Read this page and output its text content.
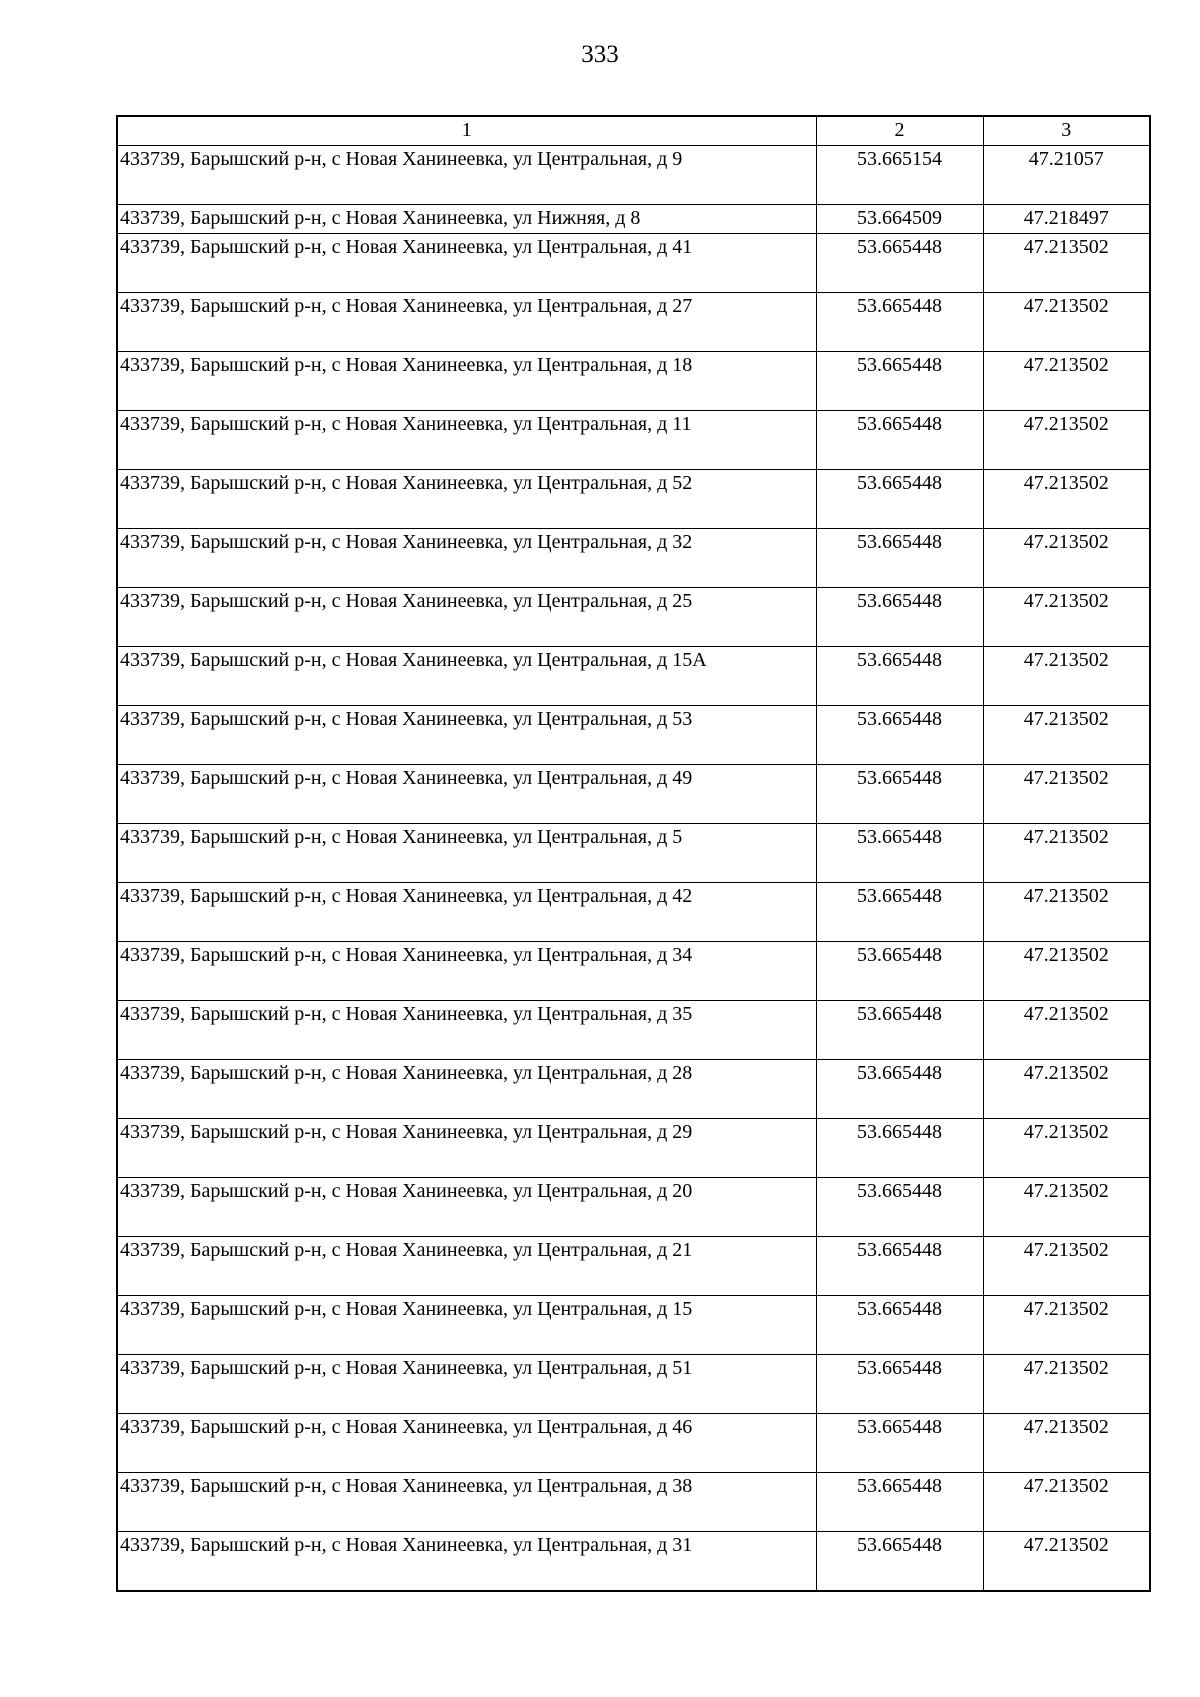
333
1	2	3
433739, Барышский р-н, с Новая Ханинеевка, ул Центральная, д 9	53.665154	47.21057
433739, Барышский р-н, с Новая Ханинеевка, ул Нижняя, д 8	53.664509	47.218497
433739, Барышский р-н, с Новая Ханинеевка, ул Центральная, д 41	53.665448	47.213502
433739, Барышский р-н, с Новая Ханинеевка, ул Центральная, д 27	53.665448	47.213502
433739, Барышский р-н, с Новая Ханинеевка, ул Центральная, д 18	53.665448	47.213502
433739, Барышский р-н, с Новая Ханинеевка, ул Центральная, д 11	53.665448	47.213502
433739, Барышский р-н, с Новая Ханинеевка, ул Центральная, д 52	53.665448	47.213502
433739, Барышский р-н, с Новая Ханинеевка, ул Центральная, д 32	53.665448	47.213502
433739, Барышский р-н, с Новая Ханинеевка, ул Центральная, д 25	53.665448	47.213502
433739, Барышский р-н, с Новая Ханинеевка, ул Центральная, д 15А	53.665448	47.213502
433739, Барышский р-н, с Новая Ханинеевка, ул Центральная, д 53	53.665448	47.213502
433739, Барышский р-н, с Новая Ханинеевка, ул Центральная, д 49	53.665448	47.213502
433739, Барышский р-н, с Новая Ханинеевка, ул Центральная, д 5	53.665448	47.213502
433739, Барышский р-н, с Новая Ханинеевка, ул Центральная, д 42	53.665448	47.213502
433739, Барышский р-н, с Новая Ханинеевка, ул Центральная, д 34	53.665448	47.213502
433739, Барышский р-н, с Новая Ханинеевка, ул Центральная, д 35	53.665448	47.213502
433739, Барышский р-н, с Новая Ханинеевка, ул Центральная, д 28	53.665448	47.213502
433739, Барышский р-н, с Новая Ханинеевка, ул Центральная, д 29	53.665448	47.213502
433739, Барышский р-н, с Новая Ханинеевка, ул Центральная, д 20	53.665448	47.213502
433739, Барышский р-н, с Новая Ханинеевка, ул Центральная, д 21	53.665448	47.213502
433739, Барышский р-н, с Новая Ханинеевка, ул Центральная, д 15	53.665448	47.213502
433739, Барышский р-н, с Новая Ханинеевка, ул Центральная, д 51	53.665448	47.213502
433739, Барышский р-н, с Новая Ханинеевка, ул Центральная, д 46	53.665448	47.213502
433739, Барышский р-н, с Новая Ханинеевка, ул Центральная, д 38	53.665448	47.213502
433739, Барышский р-н, с Новая Ханинеевка, ул Центральная, д 31	53.665448	47.213502
